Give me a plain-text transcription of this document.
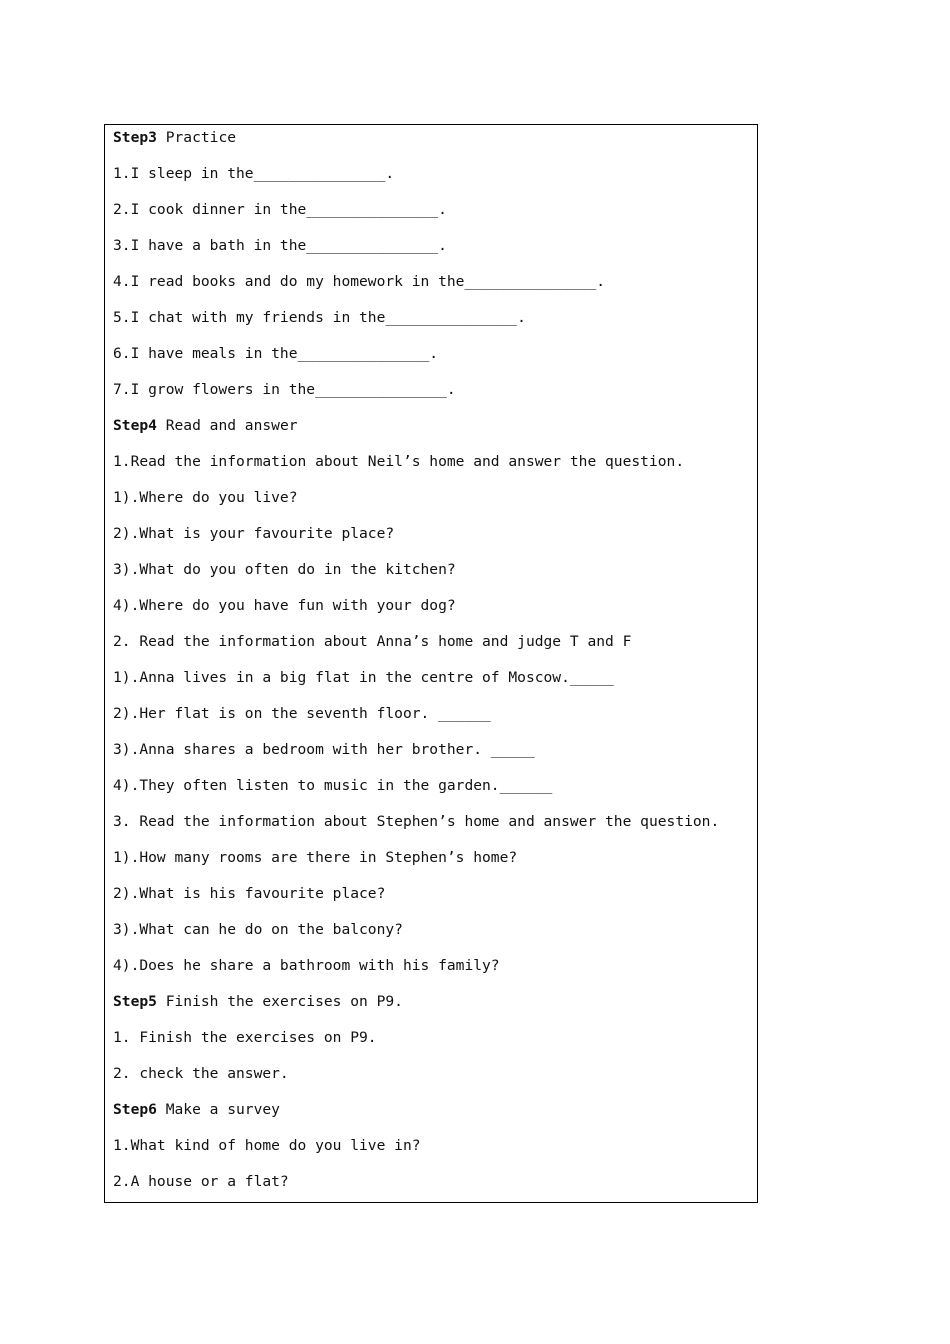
Step3 Practice
1.I sleep in the_______________.
2.I cook dinner in the_______________.
3.I have a bath in the_______________.
4.I read books and do my homework in the_______________.
5.I chat with my friends in the_______________.
6.I have meals in the_______________.
7.I grow flowers in the_______________.
Step4 Read and answer
1.Read the information about Neil’s home and answer the question.
1).Where do you live?
2).What is your favourite place?
3).What do you often do in the kitchen?
4).Where do you have fun with your dog?
2. Read the information about Anna’s home and judge T and F
1).Anna lives in a big flat in the centre of Moscow._____
2).Her flat is on the seventh floor. ______
3).Anna shares a bedroom with her brother. _____
4).They often listen to music in the garden.______
3. Read the information about Stephen’s home and answer the question.
1).How many rooms are there in Stephen’s home?
2).What is his favourite place?
3).What can he do on the balcony?
4).Does he share a bathroom with his family?
Step5 Finish the exercises on P9.
1. Finish the exercises on P9.
2. check the answer.
Step6 Make a survey
1.What kind of home do you live in?
2.A house or a flat?
